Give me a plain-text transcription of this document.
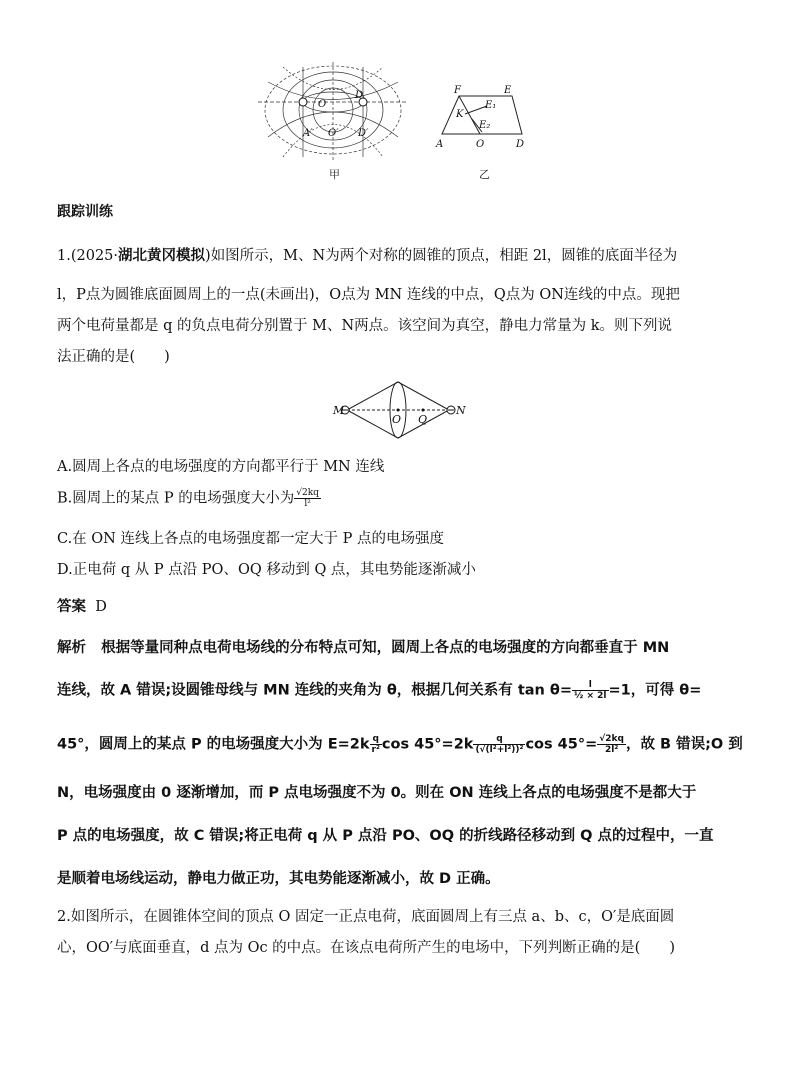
O
D
A′ O′ D′
甲
F	E
K
E₁
E₂
A	O	D
乙
跟踪训练
1.(2025·湖北黄冈模拟)如图所示，M、N为两个对称的圆锥的顶点，相距 2l，圆锥的底面半径为
l，P点为圆锥底面圆周上的一点(未画出)，O点为 MN 连线的中点，Q点为 ON连线的中点。现把
两个电荷量都是 q 的负点电荷分别置于 M、N两点。该空间为真空，静电力常量为 k。则下列说
法正确的是(　　)
M	N
O Q
A.圆周上各点的电场强度的方向都平行于 MN 连线
B.圆周上的某点 P 的电场强度大小为 $\frac{√2kq}{\text{l²}}$
C.在 ON 连线上各点的电场强度都一定大于 P 点的电场强度
D.正电荷 q 从 P 点沿 PO、OQ 移动到 Q 点，其电势能逐渐减小
答案 D
解析 根据等量同种点电荷电场线的分布特点可知，圆周上各点的电场强度的方向都垂直于 MN
连线，故 A 错误;设圆锥母线与 MN 连线的夹角为 θ，根据几何关系有 $\tan \theta= \frac{l}{\text{½ × 2l}} =1$，可得 θ=
45°，圆周上的某点 P 的电场强度大小为 $E=2k \frac{q}{\text{r²}}$ $\cos 45^\circ=2k \frac{q}{\text{(√(l²+l²))²}}$ $\cos 45^\circ= \frac{√2kq}{\text{2l²}}$ ，故 B 错误;O 到
N，电场强度由 0 逐渐增加，而 P 点电场强度不为 0。则在 ON 连线上各点的电场强度不是都大于
P 点的电场强度，故 C 错误;将正电荷 q 从 P 点沿 PO、OQ 的折线路径移动到 Q 点的过程中，一直
是顺着电场线运动，静电力做正功，其电势能逐渐减小，故 D 正确。
2.如图所示，在圆锥体空间的顶点 O 固定一正点电荷，底面圆周上有三点 a、b、c，O′是底面圆
心，OO′与底面垂直，d 点为 Oc 的中点。在该点电荷所产生的电场中，下列判断正确的是(　　)
